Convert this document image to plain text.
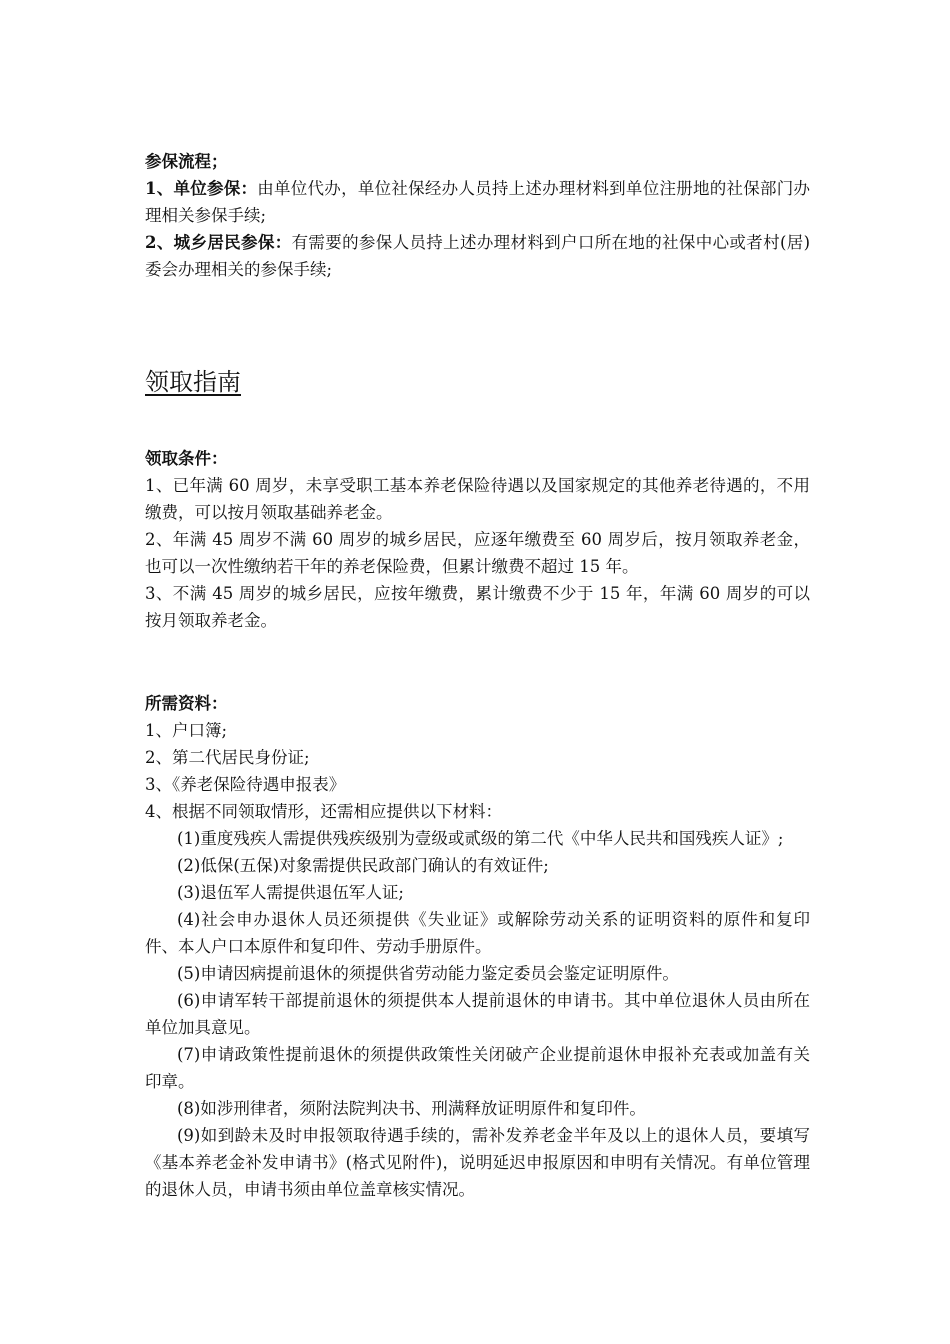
参保流程；

1、单位参保：由单位代办，单位社保经办人员持上述办理材料到单位注册地的社保部门办理相关参保手续;

2、城乡居民参保：有需要的参保人员持上述办理材料到户口所在地的社保中心或者村(居)委会办理相关的参保手续;

领取指南

领取条件：

1、已年满 60 周岁，未享受职工基本养老保险待遇以及国家规定的其他养老待遇的，不用缴费，可以按月领取基础养老金。

2、年满 45 周岁不满 60 周岁的城乡居民，应逐年缴费至 60 周岁后，按月领取养老金，也可以一次性缴纳若干年的养老保险费，但累计缴费不超过 15 年。

3、不满 45 周岁的城乡居民，应按年缴费，累计缴费不少于 15 年，年满 60 周岁的可以按月领取养老金。

所需资料：

1、户口簿;

2、第二代居民身份证;

3、《养老保险待遇申报表》

4、根据不同领取情形，还需相应提供以下材料：

(1)重度残疾人需提供残疾级别为壹级或贰级的第二代《中华人民共和国残疾人证》;

(2)低保(五保)对象需提供民政部门确认的有效证件;

(3)退伍军人需提供退伍军人证;

(4)社会申办退休人员还须提供《失业证》或解除劳动关系的证明资料的原件和复印件、本人户口本原件和复印件、劳动手册原件。

(5)申请因病提前退休的须提供省劳动能力鉴定委员会鉴定证明原件。

(6)申请军转干部提前退休的须提供本人提前退休的申请书。其中单位退休人员由所在单位加具意见。

(7)申请政策性提前退休的须提供政策性关闭破产企业提前退休申报补充表或加盖有关印章。

(8)如涉刑律者，须附法院判决书、刑满释放证明原件和复印件。

(9)如到龄未及时申报领取待遇手续的，需补发养老金半年及以上的退休人员，要填写《基本养老金补发申请书》(格式见附件)，说明延迟申报原因和申明有关情况。有单位管理的退休人员，申请书须由单位盖章核实情况。
